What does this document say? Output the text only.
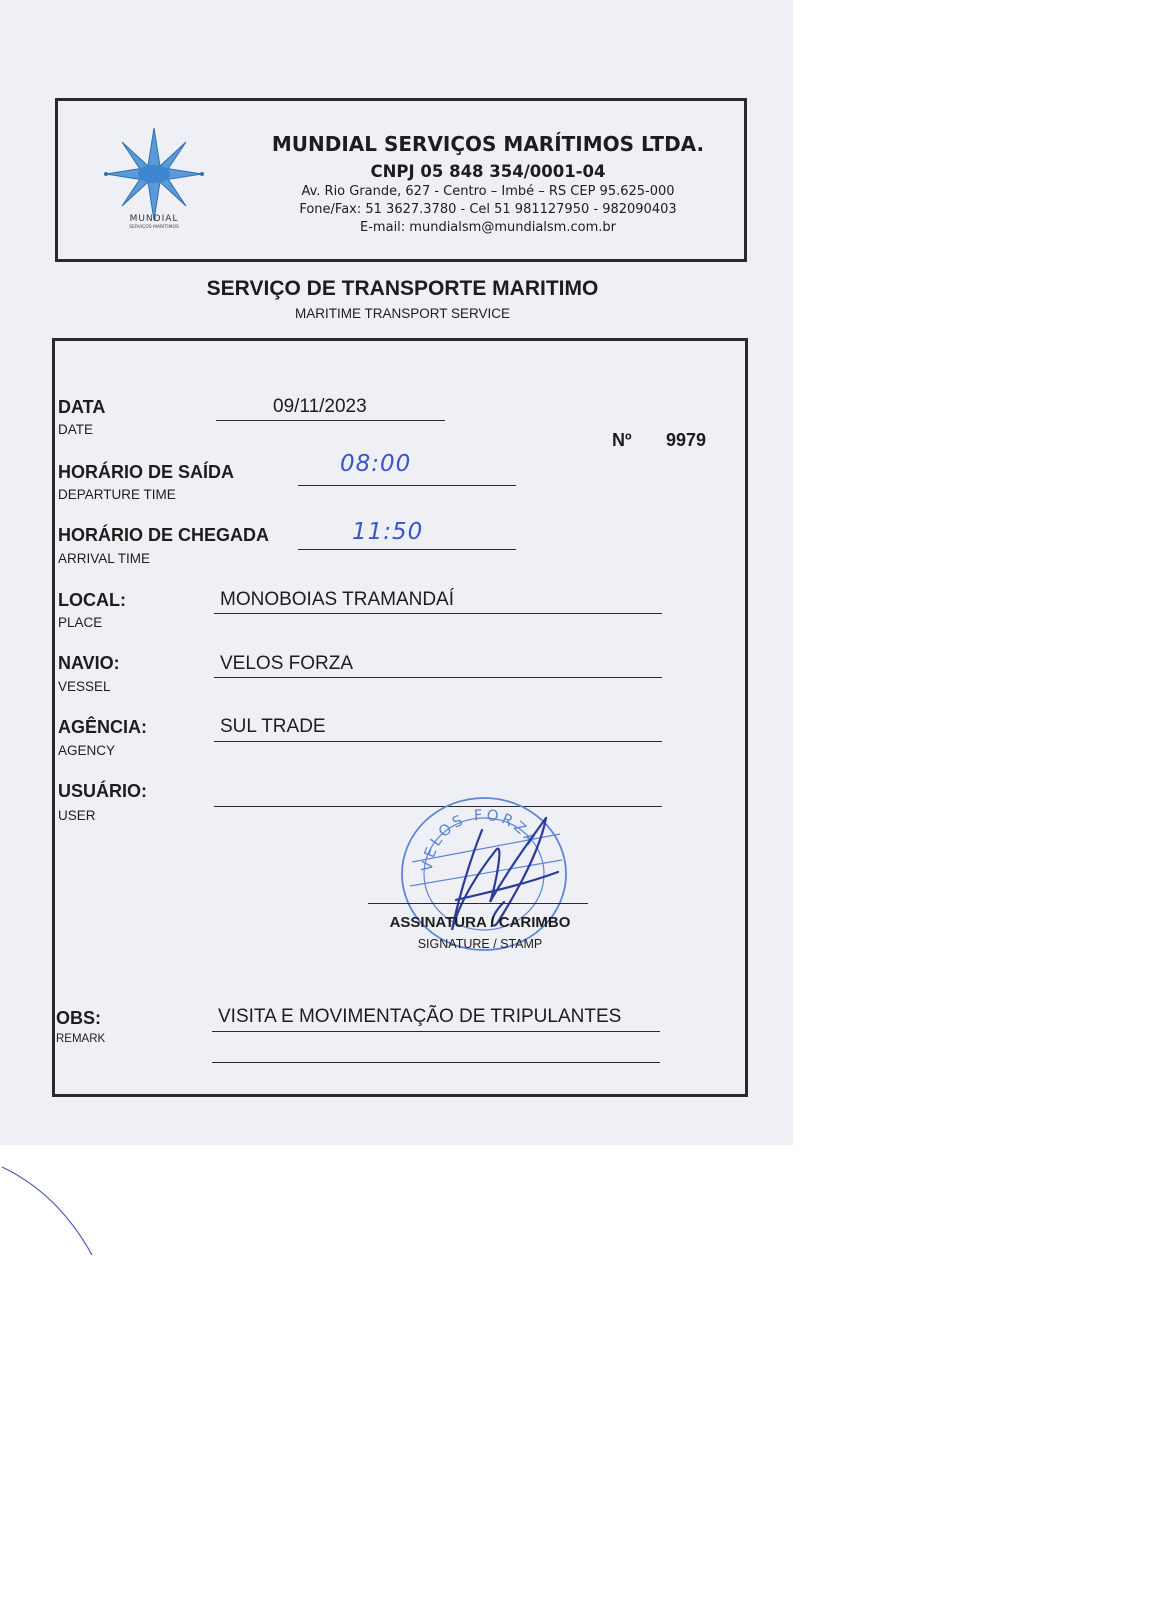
MUNDIAL
SERVIÇOS MARÍTIMOS
MUNDIAL SERVIÇOS MARÍTIMOS LTDA.
CNPJ 05 848 354/0001-04
Av. Rio Grande, 627 - Centro – Imbé – RS CEP 95.625-000
Fone/Fax: 51 3627.3780 - Cel 51 981127950 - 982090403
E-mail: mundialsm@mundialsm.com.br
SERVIÇO DE TRANSPORTE MARITIMO
MARITIME TRANSPORT SERVICE
Nº 9979
DATA
DATE
09/11/2023
HORÁRIO DE SAÍDA
DEPARTURE TIME
08:00
HORÁRIO DE CHEGADA
ARRIVAL TIME
11:50
LOCAL:
PLACE
MONOBOIAS TRAMANDAÍ
NAVIO:
VESSEL
VELOS FORZA
AGÊNCIA:
AGENCY
SUL TRADE
USUÁRIO:
USER
VELOS FORZA
ASSINATURA / CARIMBO
SIGNATURE / STAMP
OBS:
REMARK
VISITA E MOVIMENTAÇÃO DE TRIPULANTES
